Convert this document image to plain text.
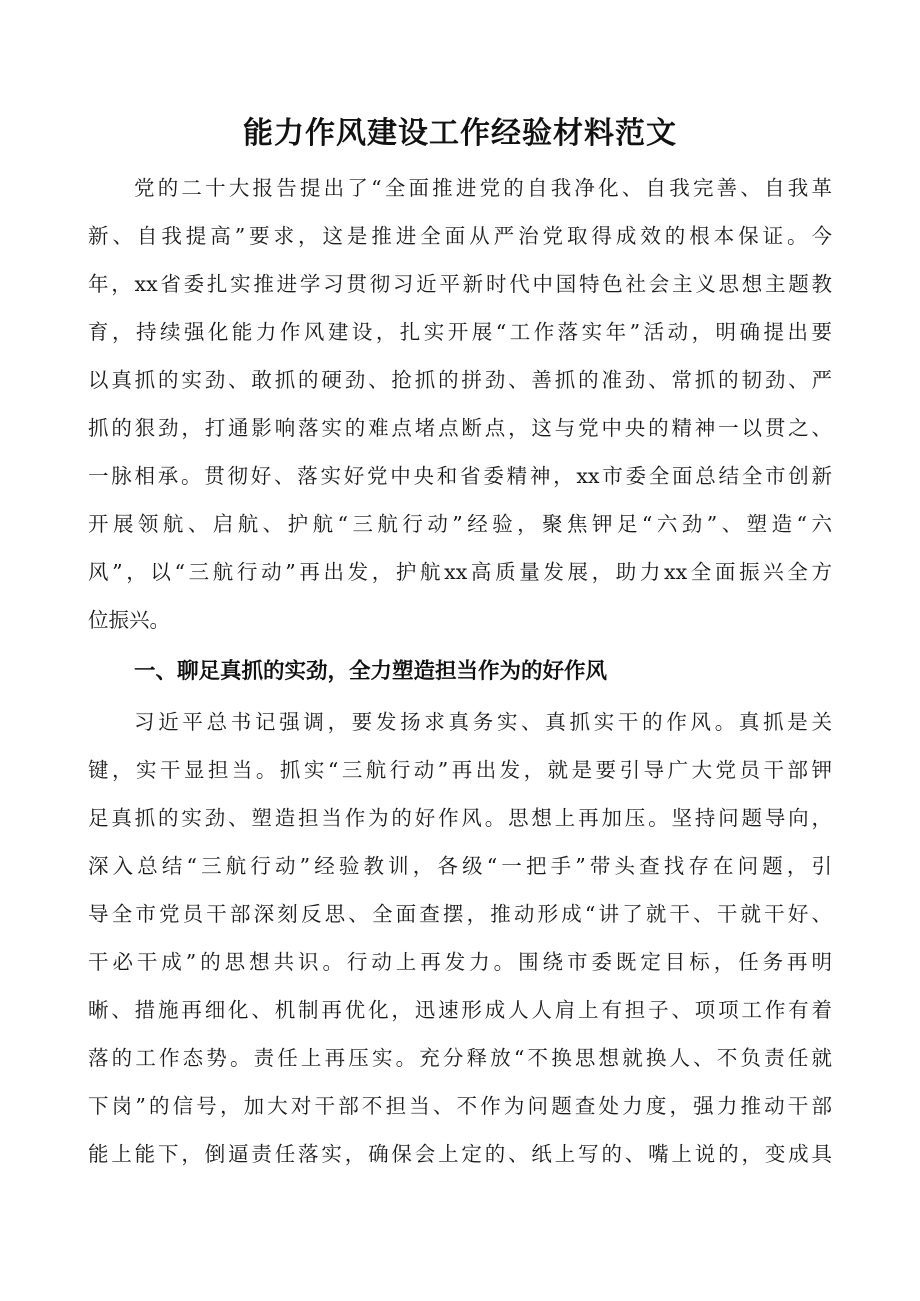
能力作风建设工作经验材料范文
党的二十大报告提出了“全面推进党的自我净化、自我完善、自我革
新、自我提高”要求，这是推进全面从严治党取得成效的根本保证。今
年，xx省委扎实推进学习贯彻习近平新时代中国特色社会主义思想主题教
育，持续强化能力作风建设，扎实开展“工作落实年”活动，明确提出要
以真抓的实劲、敢抓的硬劲、抢抓的拼劲、善抓的准劲、常抓的韧劲、严
抓的狠劲，打通影响落实的难点堵点断点，这与党中央的精神一以贯之、
一脉相承。贯彻好、落实好党中央和省委精神，xx市委全面总结全市创新
开展领航、启航、护航“三航行动”经验，聚焦钾足“六劲”、塑造“六
风”，以“三航行动”再出发，护航xx高质量发展，助力xx全面振兴全方
位振兴。
一、聊足真抓的实劲，全力塑造担当作为的好作风
习近平总书记强调，要发扬求真务实、真抓实干的作风。真抓是关
键，实干显担当。抓实“三航行动”再出发，就是要引导广大党员干部钾
足真抓的实劲、塑造担当作为的好作风。思想上再加压。坚持问题导向，
深入总结“三航行动”经验教训，各级“一把手”带头查找存在问题，引
导全市党员干部深刻反思、全面查摆，推动形成“讲了就干、干就干好、
干必干成”的思想共识。行动上再发力。围绕市委既定目标，任务再明
晰、措施再细化、机制再优化，迅速形成人人肩上有担子、项项工作有着
落的工作态势。责任上再压实。充分释放“不换思想就换人、不负责任就
下岗”的信号，加大对干部不担当、不作为问题查处力度，强力推动干部
能上能下，倒逼责任落实，确保会上定的、纸上写的、嘴上说的，变成具
